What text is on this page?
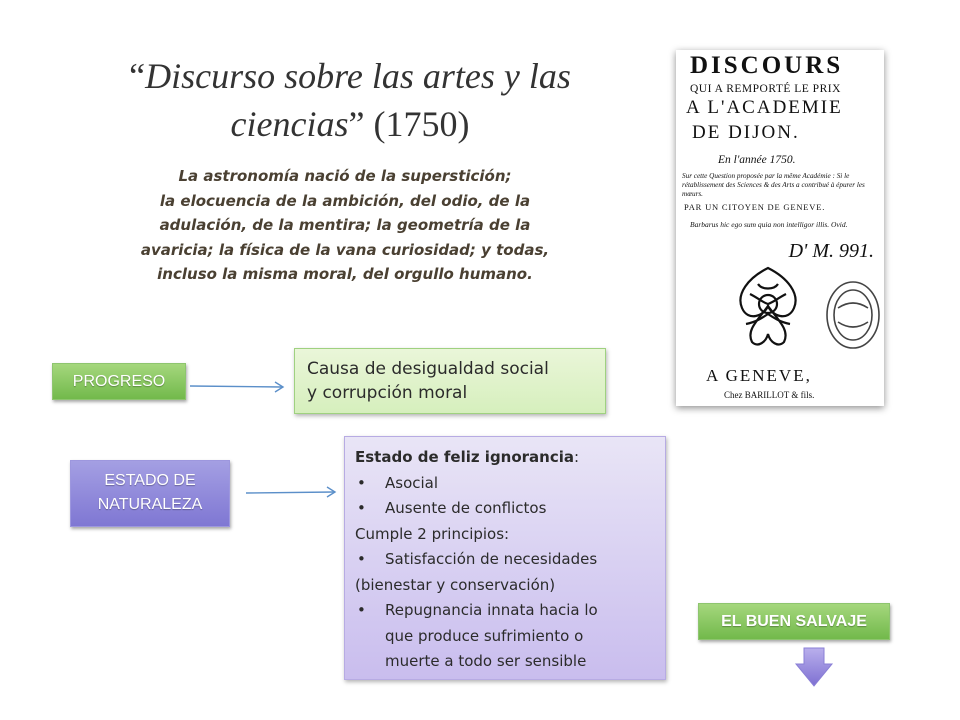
“Discurso sobre las artes y las
ciencias” (1750)
La astronomía nació de la superstición;
la elocuencia de la ambición, del odio, de la
adulación, de la mentira; la geometría de la
avaricia; la física de la vana curiosidad; y todas,
incluso la misma moral, del orgullo humano.
DISCOURS
QUI A REMPORTÉ LE PRIX
A L'ACADEMIE
DE DIJON.
En l'année 1750.
Sur cette Question proposée par la même Académie : Si le rétablissement des Sciences & des Arts a contribué à épurer les mœurs.
PAR UN CITOYEN DE GENEVE.
Barbarus hic ego sum quia non intelligor illis. Ovid.
D' M. 991.
A GENEVE,
Chez BARILLOT & fils.
PROGRESO
Causa de desigualdad social
y corrupción moral
ESTADO DE
NATURALEZA
Estado de feliz ignorancia:
• Asocial
• Ausente de conflictos
Cumple 2 principios:
• Satisfacción de necesidades
(bienestar y conservación)
• Repugnancia innata hacia lo
que produce sufrimiento o
muerte a todo ser sensible
EL BUEN SALVAJE
